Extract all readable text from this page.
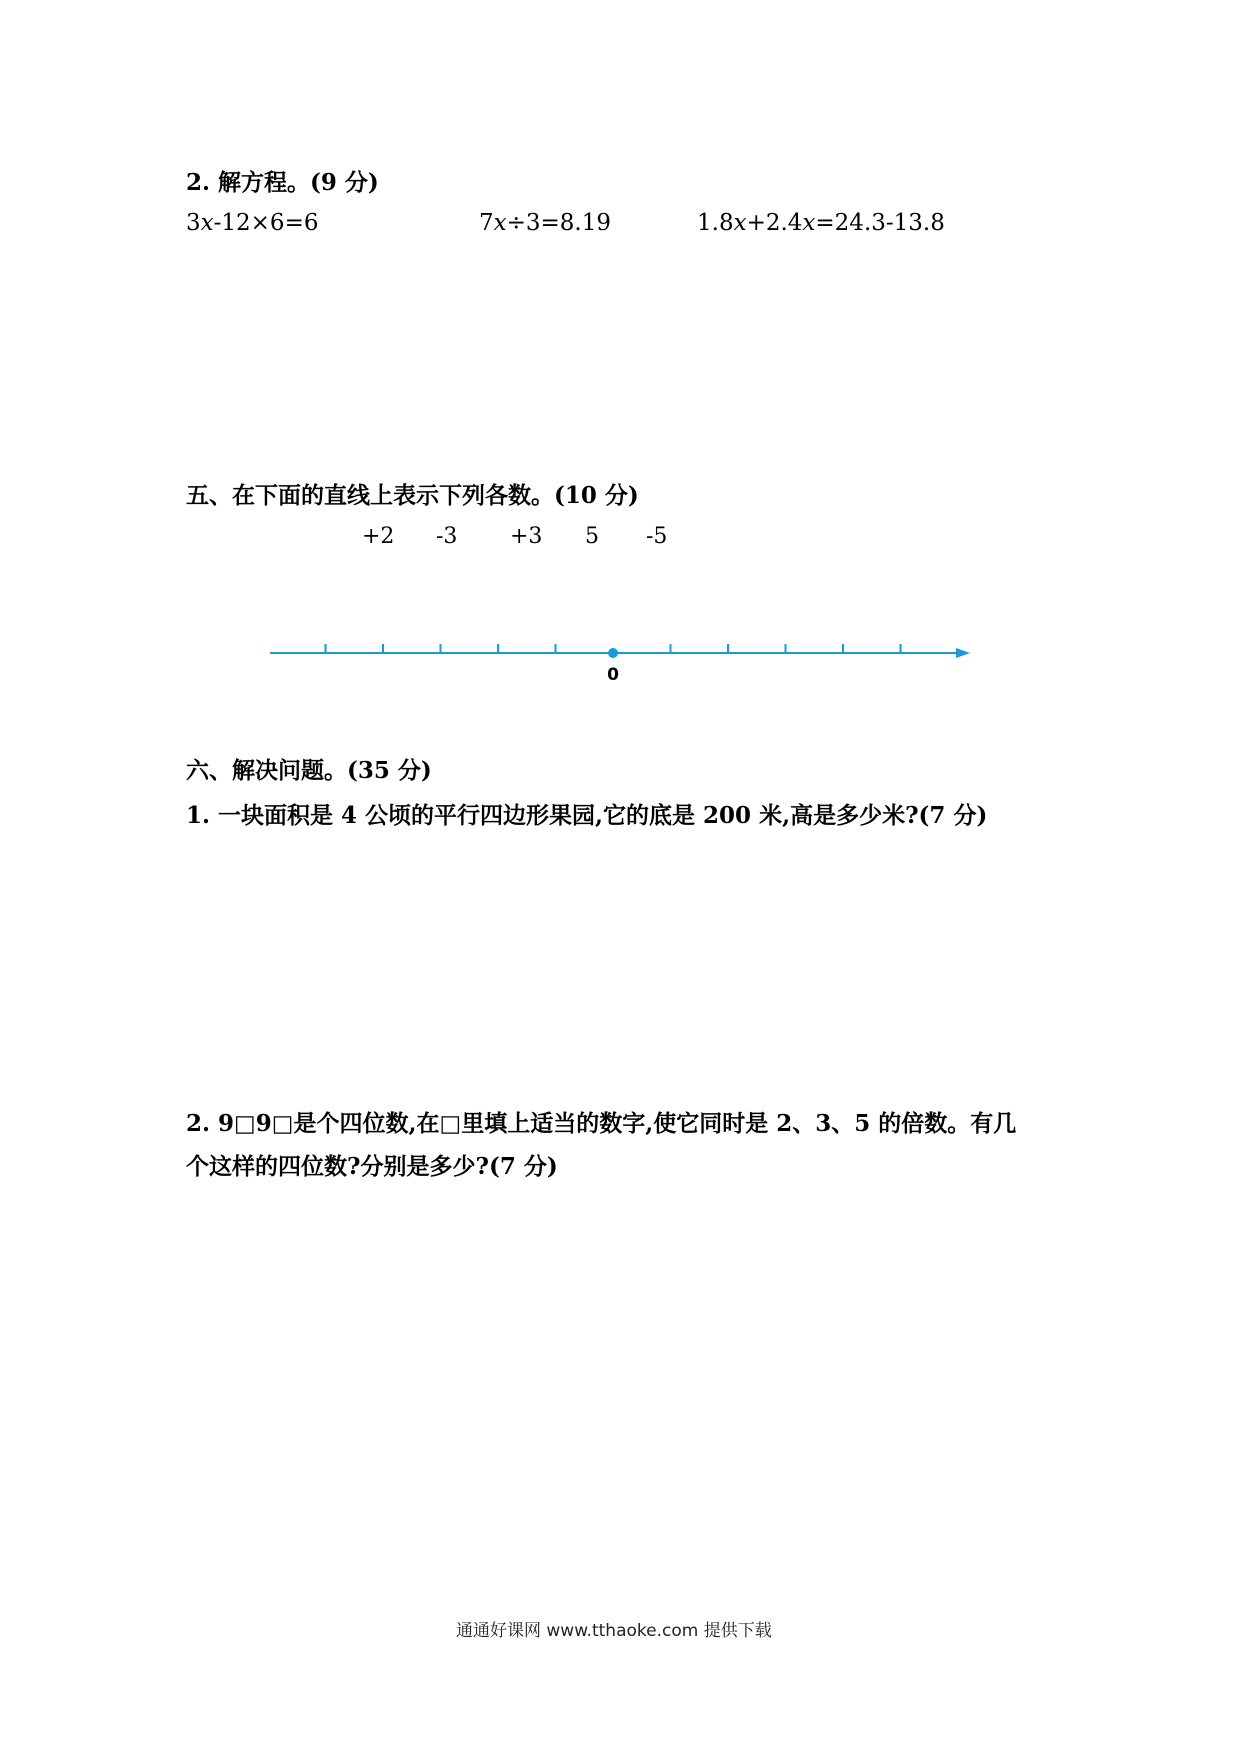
2. 解方程。(9 分)
3x-12×6=6	7x÷3=8.19	1.8x+2.4x=24.3-13.8
五、在下面的直线上表示下列各数。(10 分)
+2 -3 +3 5 -5
0
六、解决问题。(35 分)
1. 一块面积是 4 公顷的平行四边形果园,它的底是 200 米,高是多少米?(7 分)
2. 9□9□是个四位数,在□里填上适当的数字,使它同时是 2、3、5 的倍数。有几
个这样的四位数?分别是多少?(7 分)
通通好课网 www.tthaoke.com 提供下载
